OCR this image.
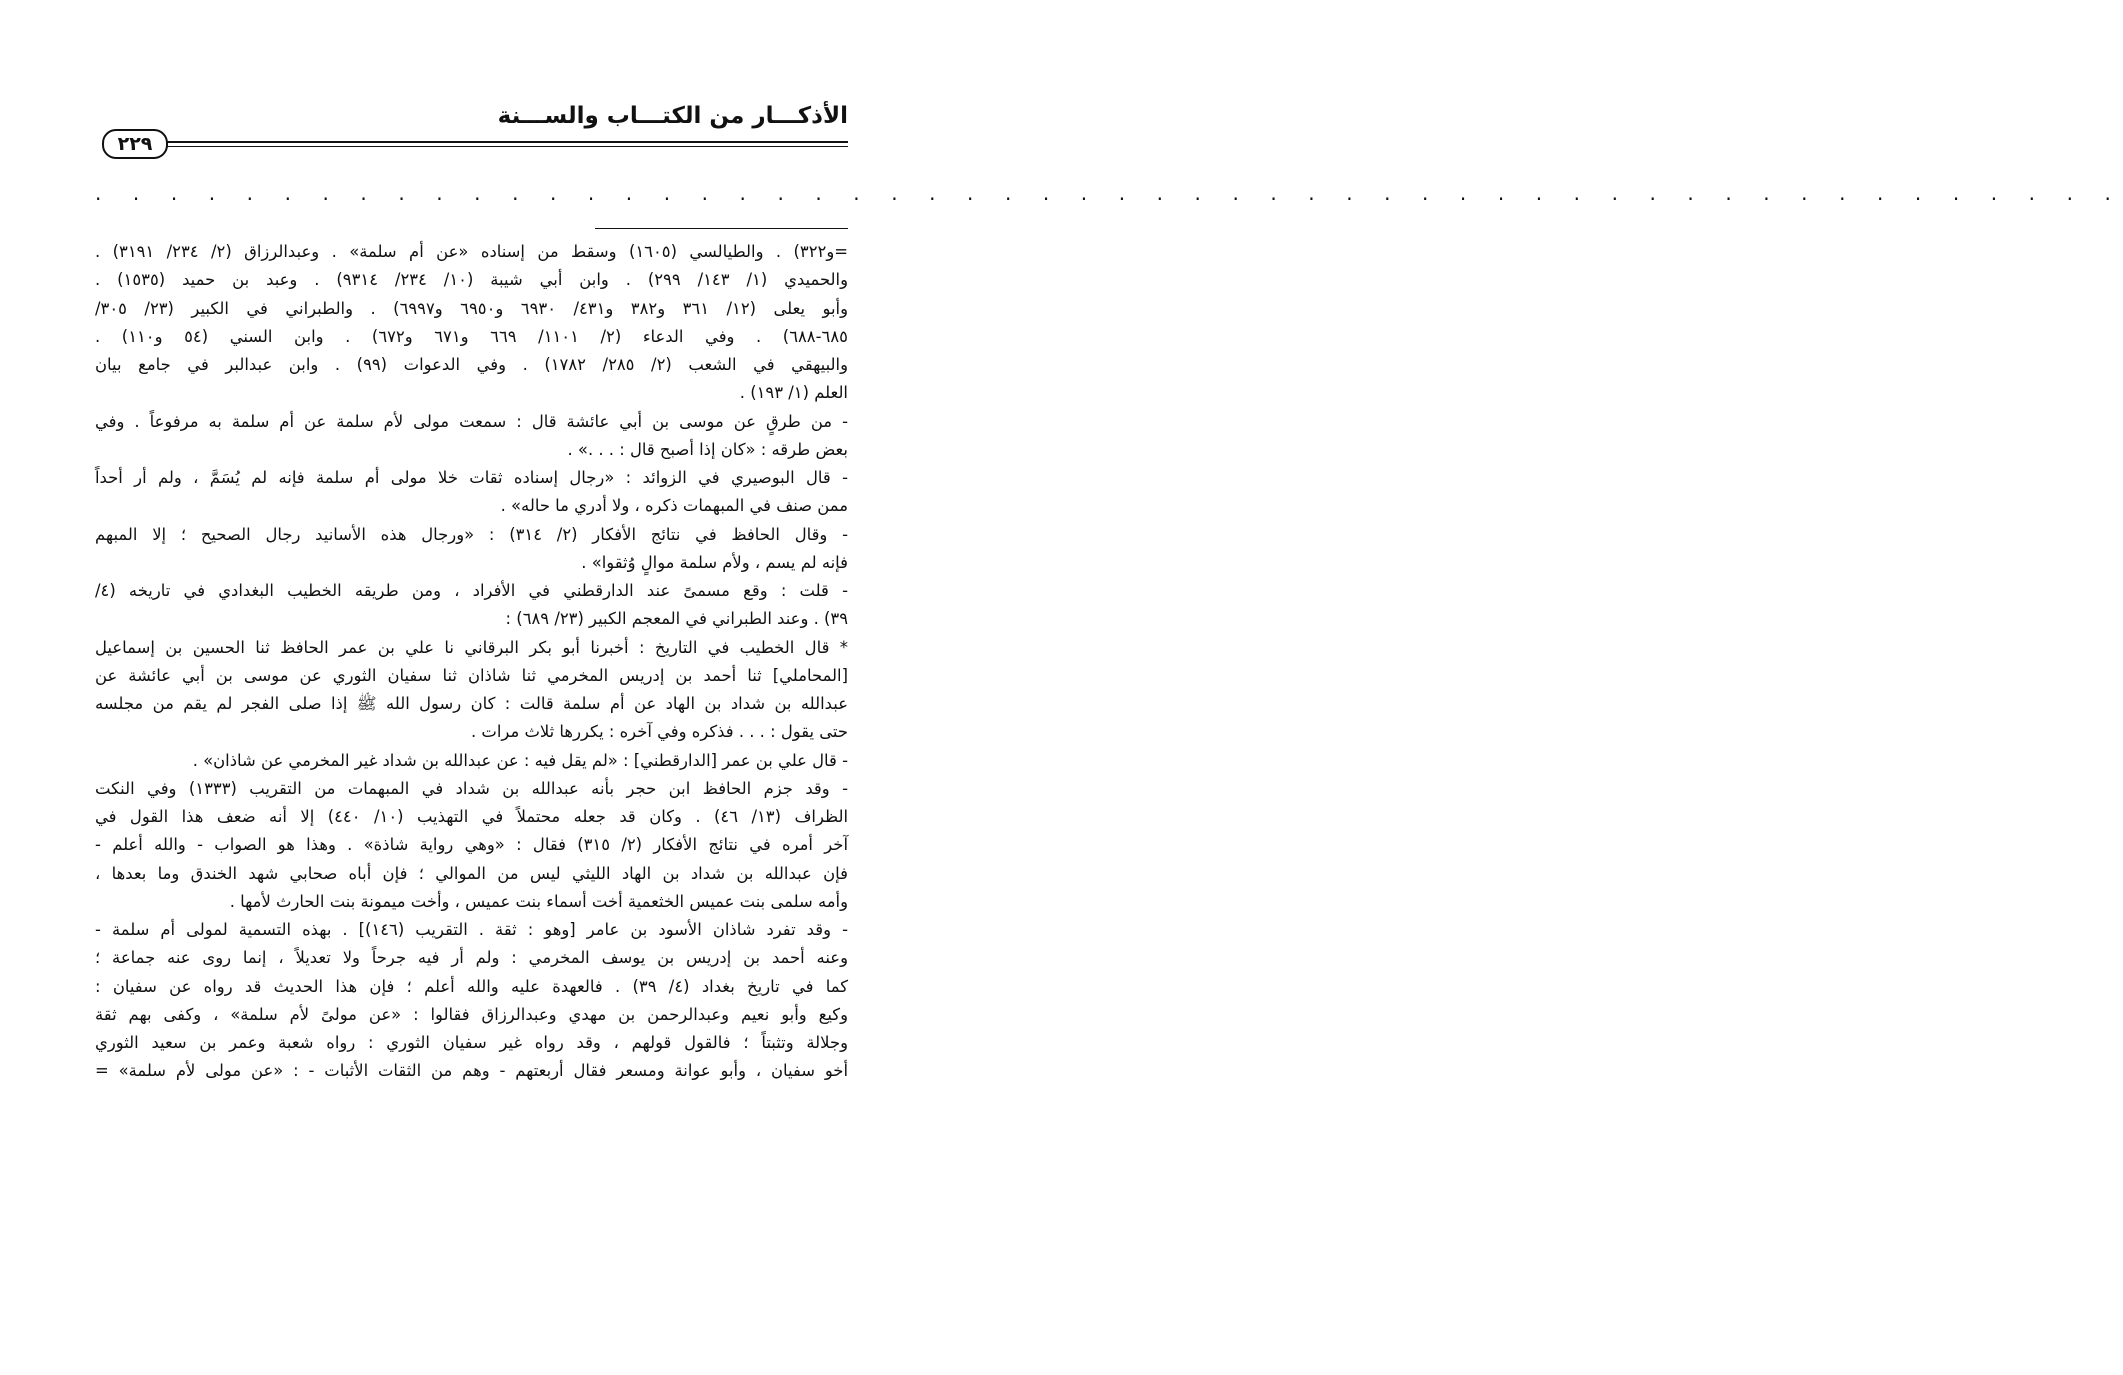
الأذكـــار من الكتـــاب والســـنة
٢٢٩
. . . . . . . . . . . . . . . . . . . . . . . . . . . . . . . . . . . . . . . . . . . . . . . . . . . . . .
=و٣٢٢) . والطيالسي (١٦٠٥) وسقط من إسناده «عن أم سلمة» . وعبدالرزاق (٢/ ٢٣٤/ ٣١٩١) .
والحميدي (١/ ١٤٣/ ٢٩٩) . وابن أبي شيبة (١٠/ ٢٣٤/ ٩٣١٤) . وعبد بن حميد (١٥٣٥) .
وأبو يعلى (١٢/ ٣٦١ و٣٨٢ و٤٣١/ ٦٩٣٠ و٦٩٥٠ و٦٩٩٧) . والطبراني في الكبير (٢٣/ ٣٠٥/
٦٨٥-٦٨٨) . وفي الدعاء (٢/ ١١٠١/ ٦٦٩ و٦٧١ و٦٧٢) . وابن السني (٥٤ و١١٠) .
والبيهقي في الشعب (٢/ ٢٨٥/ ١٧٨٢) . وفي الدعوات (٩٩) . وابن عبدالبر في جامع بيان
العلم (١/ ١٩٣) .
- من طرقٍ عن موسى بن أبي عائشة قال : سمعت مولى لأم سلمة عن أم سلمة به مرفوعاً . وفي
بعض طرقه : «كان إذا أصبح قال : . . .» .
- قال البوصيري في الزوائد : «رجال إسناده ثقات خلا مولى أم سلمة فإنه لم يُسَمَّ ، ولم أر أحداً
ممن صنف في المبهمات ذكره ، ولا أدري ما حاله» .
- وقال الحافظ في نتائج الأفكار (٢/ ٣١٤) : «ورجال هذه الأسانيد رجال الصحيح ؛ إلا المبهم
فإنه لم يسم ، ولأم سلمة موالٍ وُثقوا» .
- قلت : وقع مسمىً عند الدارقطني في الأفراد ، ومن طريقه الخطيب البغدادي في تاريخه (٤/
٣٩) . وعند الطبراني في المعجم الكبير (٢٣/ ٦٨٩) :
* قال الخطيب في التاريخ : أخبرنا أبو بكر البرقاني نا علي بن عمر الحافظ ثنا الحسين بن إسماعيل
[المحاملي] ثنا أحمد بن إدريس المخرمي ثنا شاذان ثنا سفيان الثوري عن موسى بن أبي عائشة عن
عبدالله بن شداد بن الهاد عن أم سلمة قالت : كان رسول الله ﷺ إذا صلى الفجر لم يقم من مجلسه
حتى يقول : . . . فذكره وفي آخره : يكررها ثلاث مرات .
- قال علي بن عمر [الدارقطني] : «لم يقل فيه : عن عبدالله بن شداد غير المخرمي عن شاذان» .
- وقد جزم الحافظ ابن حجر بأنه عبدالله بن شداد في المبهمات من التقريب (١٣٣٣) وفي النكت
الظراف (١٣/ ٤٦) . وكان قد جعله محتملاً في التهذيب (١٠/ ٤٤٠) إلا أنه ضعف هذا القول في
آخر أمره في نتائج الأفكار (٢/ ٣١٥) فقال : «وهي رواية شاذة» . وهذا هو الصواب - والله أعلم -
فإن عبدالله بن شداد بن الهاد الليثي ليس من الموالي ؛ فإن أباه صحابي شهد الخندق وما بعدها ،
وأمه سلمى بنت عميس الخثعمية أخت أسماء بنت عميس ، وأخت ميمونة بنت الحارث لأمها .
- وقد تفرد شاذان الأسود بن عامر [وهو : ثقة . التقريب (١٤٦)] . بهذه التسمية لمولى أم سلمة -
وعنه أحمد بن إدريس بن يوسف المخرمي : ولم أر فيه جرحاً ولا تعديلاً ، إنما روى عنه جماعة ؛
كما في تاريخ بغداد (٤/ ٣٩) . فالعهدة عليه والله أعلم ؛ فإن هذا الحديث قد رواه عن سفيان :
وكيع وأبو نعيم وعبدالرحمن بن مهدي وعبدالرزاق فقالوا : «عن مولىً لأم سلمة» ، وكفى بهم ثقة
وجلالة وتثبتاً ؛ فالقول قولهم ، وقد رواه غير سفيان الثوري : رواه شعبة وعمر بن سعيد الثوري
أخو سفيان ، وأبو عوانة ومسعر فقال أربعتهم - وهم من الثقات الأثبات - : «عن مولى لأم سلمة» =
